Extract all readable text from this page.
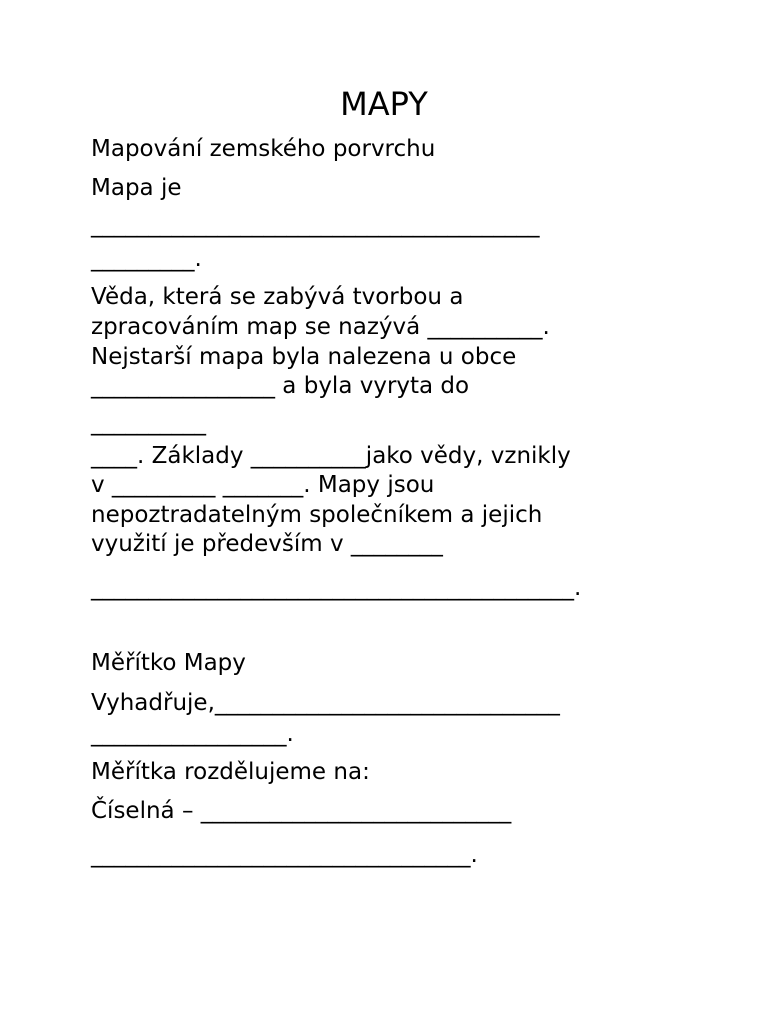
MAPY
Mapování zemského porvrchu
Mapa je
_______________________________________
_________.
Věda, která se zabývá tvorbou a
zpracováním map se nazývá __________.
Nejstarší mapa byla nalezena u obce
________________ a byla vyryta do
__________
____. Základy __________jako vědy, vznikly
v _________ _______. Mapy jsou
nepoztradatelným společníkem a jejich
využití je především v ________
__________________________________________.
Měřítko Mapy
Vyhadřuje,______________________________
_________________.
Měřítka rozdělujeme na:
Číselná – ___________________________
_________________________________.
